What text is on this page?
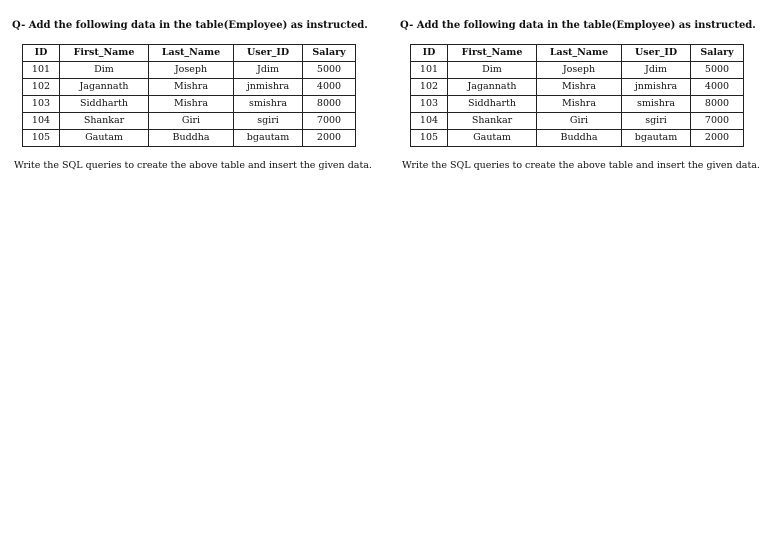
Q- Add the following data in the table(Employee) as instructed.
ID	First_Name	Last_Name	User_ID	Salary
101	Dim	Joseph	Jdim	5000
102	Jagannath	Mishra	jnmishra	4000
103	Siddharth	Mishra	smishra	8000
104	Shankar	Giri	sgiri	7000
105	Gautam	Buddha	bgautam	2000
Write the SQL queries to create the above table and insert the given data.
Q- Add the following data in the table(Employee) as instructed.
ID	First_Name	Last_Name	User_ID	Salary
101	Dim	Joseph	Jdim	5000
102	Jagannath	Mishra	jnmishra	4000
103	Siddharth	Mishra	smishra	8000
104	Shankar	Giri	sgiri	7000
105	Gautam	Buddha	bgautam	2000
Write the SQL queries to create the above table and insert the given data.
